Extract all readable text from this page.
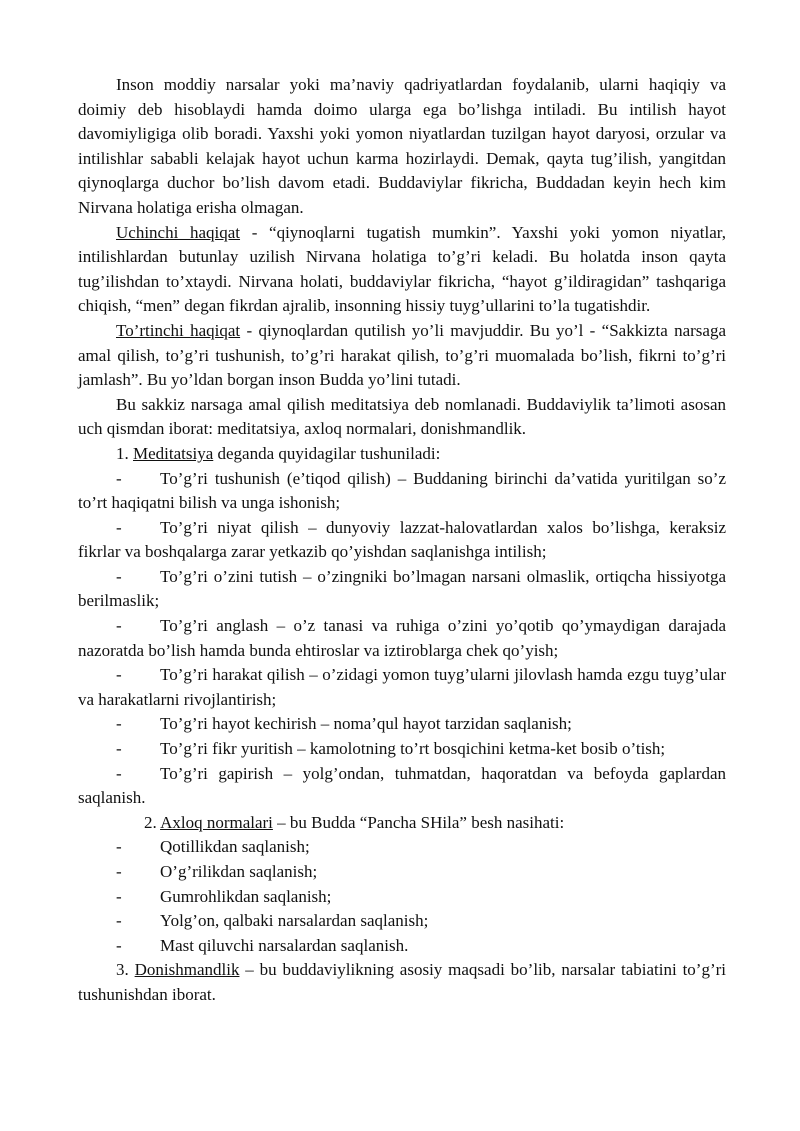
Inson moddiy narsalar yoki ma’naviy qadriyatlardan foydalanib, ularni haqiqiy va doimiy deb hisoblaydi hamda doimo ularga ega bo’lishga intiladi. Bu intilish hayot davomiyligiga olib boradi. Yaxshi yoki yomon niyatlardan tuzilgan hayot daryosi, orzular va intilishlar sababli kelajak hayot uchun karma hozirlaydi. Demak, qayta tug’ilish, yangitdan qiynoqlarga duchor bo’lish davom etadi. Buddaviylar fikricha, Buddadan keyin hech kim Nirvana holatiga erisha olmagan.

Uchinchi haqiqat - “qiynoqlarni tugatish mumkin”. Yaxshi yoki yomon niyatlar, intilishlardan butunlay uzilish Nirvana holatiga to’g’ri keladi. Bu holatda inson qayta tug’ilishdan to’xtaydi. Nirvana holati, buddaviylar fikricha, “hayot g’ildiragidan” tashqariga chiqish, “men” degan fikrdan ajralib, insonning hissiy tuyg’ullarini to’la tugatishdir.

To’rtinchi haqiqat - qiynoqlardan qutilish yo’li mavjuddir. Bu yo’l - “Sakkizta narsaga amal qilish, to’g’ri tushunish, to’g’ri harakat qilish, to’g’ri muomalada bo’lish, fikrni to’g’ri jamlash”. Bu yo’ldan borgan inson Budda yo’lini tutadi.

Bu sakkiz narsaga amal qilish meditatsiya deb nomlanadi. Buddaviylik ta’limoti asosan uch qismdan iborat: meditatsiya, axloq normalari, donishmandlik.

1. Meditatsiya deganda quyidagilar tushuniladi:

- To’g’ri tushunish (e’tiqod qilish) – Buddaning birinchi da’vatida yuritilgan so’z to’rt haqiqatni bilish va unga ishonish;

- To’g’ri niyat qilish – dunyoviy lazzat-halovatlardan xalos bo’lishga, keraksiz fikrlar va boshqalarga zarar yetkazib qo’yishdan saqlanishga intilish;

- To’g’ri o’zini tutish – o’zingniki bo’lmagan narsani olmaslik, ortiqcha hissiyotga berilmaslik;

- To’g’ri anglash – o’z tanasi va ruhiga o’zini yo’qotib qo’ymaydigan darajada nazoratda bo’lish hamda bunda ehtiroslar va iztiroblarga chek qo’yish;

- To’g’ri harakat qilish – o’zidagi yomon tuyg’ularni jilovlash hamda ezgu tuyg’ular va harakatlarni rivojlantirish;

- To’g’ri hayot kechirish – noma’qul hayot tarzidan saqlanish;

- To’g’ri fikr yuritish – kamolotning to’rt bosqichini ketma-ket bosib o’tish;

- To’g’ri gapirish – yolg’ondan, tuhmatdan, haqoratdan va befoyda gaplardan saqlanish.

2. Axloq normalari – bu Budda “Pancha SHila” besh nasihati:

- Qotillikdan saqlanish;

- O’g’rilikdan saqlanish;

- Gumrohlikdan saqlanish;

- Yolg’on, qalbaki narsalardan saqlanish;

- Mast qiluvchi narsalardan saqlanish.

3. Donishmandlik – bu buddaviylikning asosiy maqsadi bo’lib, narsalar tabiatini to’g’ri tushunishdan iborat.
